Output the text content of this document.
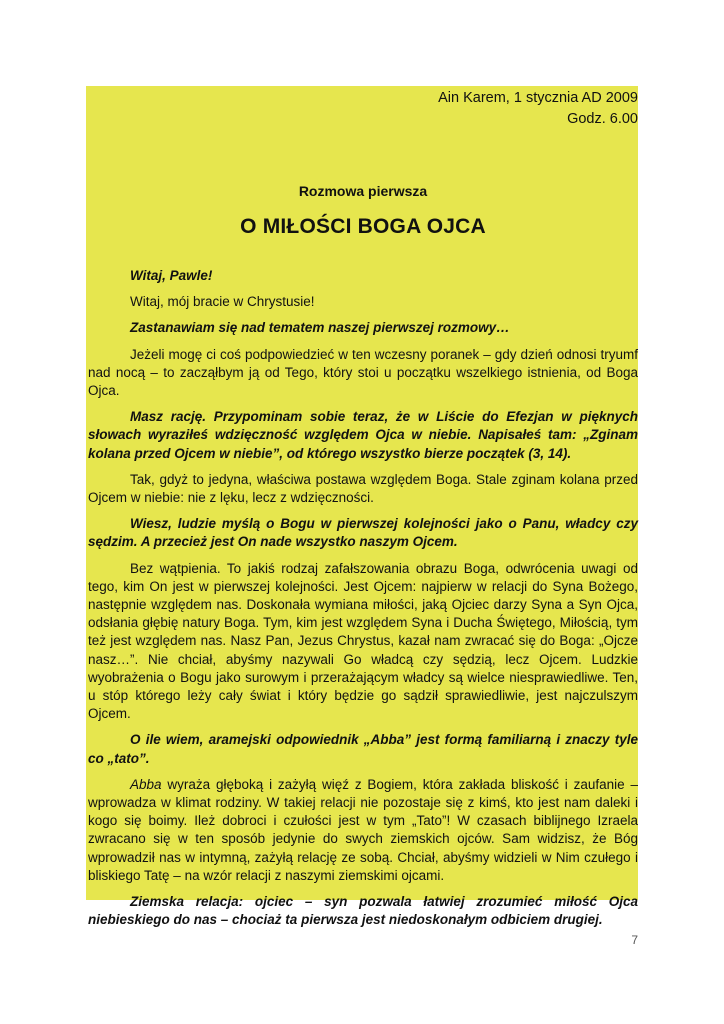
Ain Karem, 1 stycznia AD 2009
Godz. 6.00
Rozmowa pierwsza
O MIŁOŚCI BOGA OJCA

Witaj, Pawle!

Witaj, mój bracie w Chrystusie!

Zastanawiam się nad tematem naszej pierwszej rozmowy…

Jeżeli mogę ci coś podpowiedzieć w ten wczesny poranek – gdy dzień odnosi tryumf nad nocą – to zacząłbym ją od Tego, który stoi u początku wszelkiego istnienia, od Boga Ojca.

Masz rację. Przypominam sobie teraz, że w Liście do Efezjan w pięknych słowach wyraziłeś wdzięczność względem Ojca w niebie. Napisałeś tam: „Zginam kolana przed Ojcem w niebie”, od którego wszystko bierze początek (3, 14).

Tak, gdyż to jedyna, właściwa postawa względem Boga. Stale zginam kolana przed Ojcem w niebie: nie z lęku, lecz z wdzięczności.

Wiesz, ludzie myślą o Bogu w pierwszej kolejności jako o Panu, władcy czy sędzim. A przecież jest On nade wszystko naszym Ojcem.

Bez wątpienia. To jakiś rodzaj zafałszowania obrazu Boga, odwrócenia uwagi od tego, kim On jest w pierwszej kolejności. Jest Ojcem: najpierw w relacji do Syna Bożego, następnie względem nas. Doskonała wymiana miłości, jaką Ojciec darzy Syna a Syn Ojca, odsłania głębię natury Boga. Tym, kim jest względem Syna i Ducha Świętego, Miłością, tym też jest względem nas. Nasz Pan, Jezus Chrystus, kazał nam zwracać się do Boga: „Ojcze nasz…”. Nie chciał, abyśmy nazywali Go władcą czy sędzią, lecz Ojcem. Ludzkie wyobrażenia o Bogu jako surowym i przerażającym władcy są wielce niesprawiedliwe. Ten, u stóp którego leży cały świat i który będzie go sądził sprawiedliwie, jest najczulszym Ojcem.

O ile wiem, aramejski odpowiednik „Abba” jest formą familiarną i znaczy tyle co „tato”.

Abba wyraża głęboką i zażyłą więź z Bogiem, która zakłada bliskość i zaufanie – wprowadza w klimat rodziny. W takiej relacji nie pozostaje się z kimś, kto jest nam daleki i kogo się boimy. Ileż dobroci i czułości jest w tym „Tato”! W czasach biblijnego Izraela zwracano się w ten sposób jedynie do swych ziemskich ojców. Sam widzisz, że Bóg wprowadził nas w intymną, zażyłą relację ze sobą. Chciał, abyśmy widzieli w Nim czułego i bliskiego Tatę – na wzór relacji z naszymi ziemskimi ojcami.

Ziemska relacja: ojciec – syn pozwala łatwiej zrozumieć miłość Ojca niebieskiego do nas – chociaż ta pierwsza jest niedoskonałym odbiciem drugiej.

7
